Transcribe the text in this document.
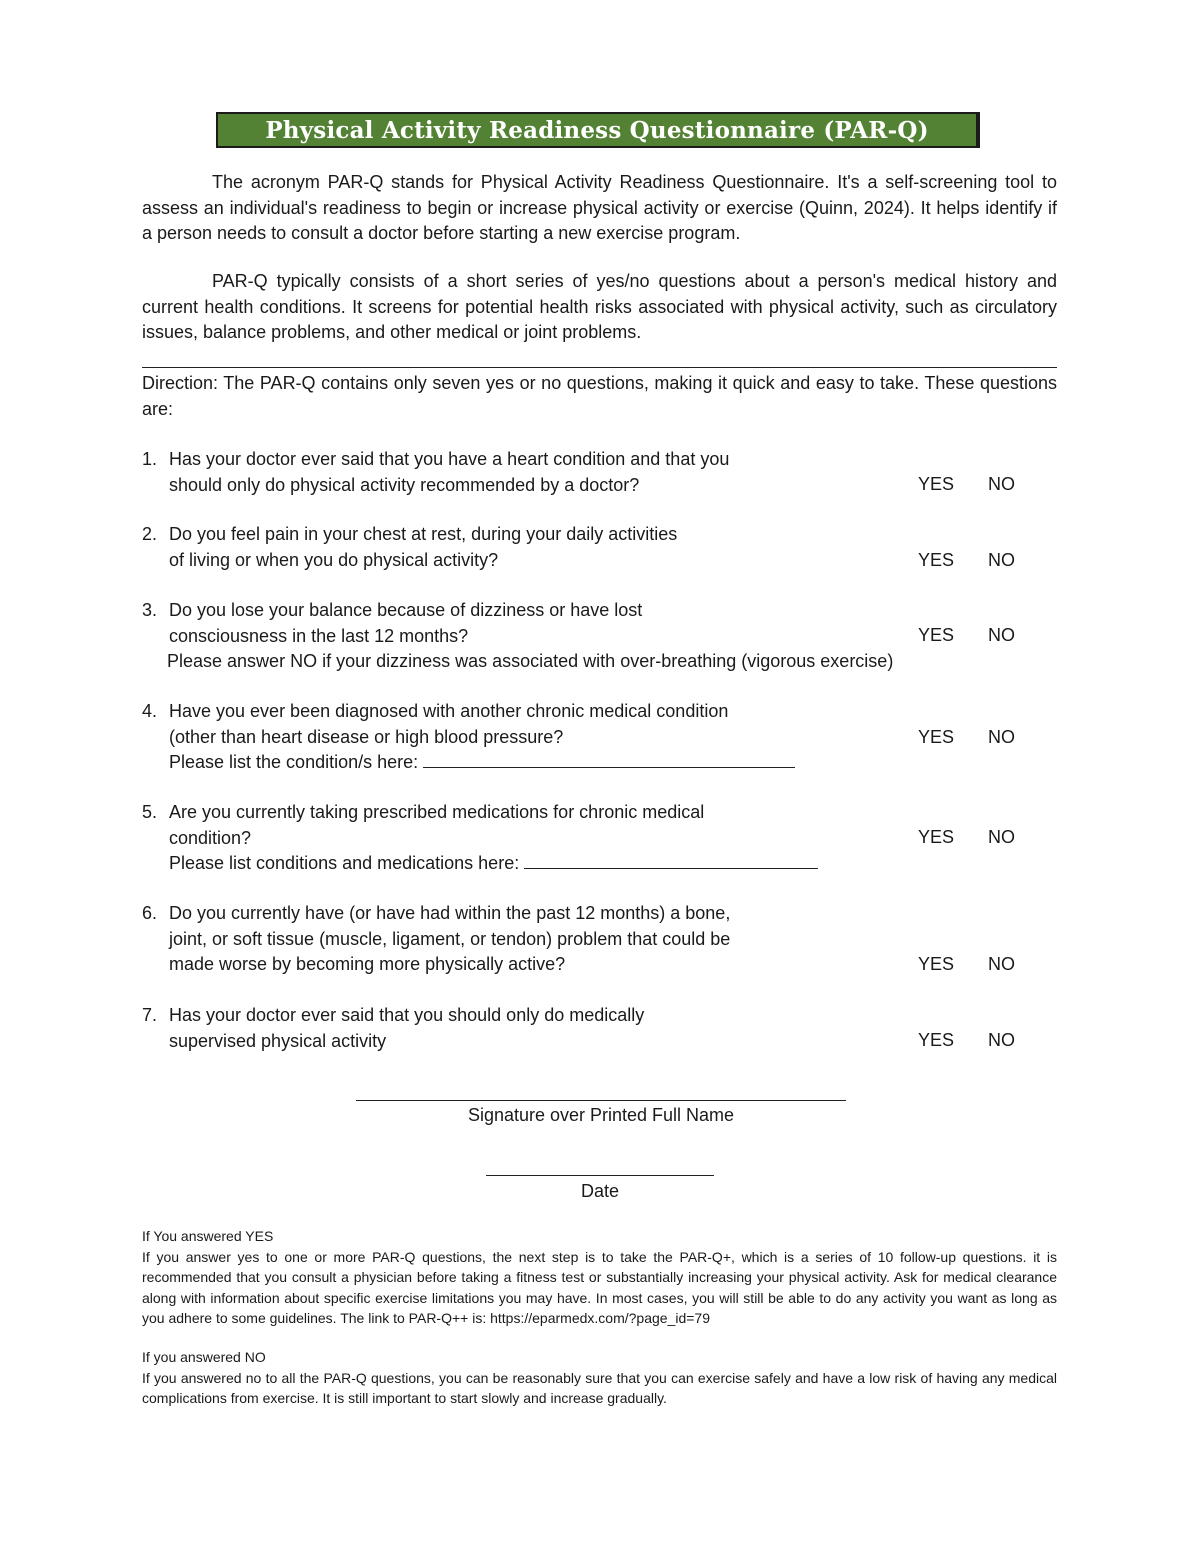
Physical Activity Readiness Questionnaire (PAR-Q)

The acronym PAR-Q stands for Physical Activity Readiness Questionnaire. It's a self-screening tool to assess an individual's readiness to begin or increase physical activity or exercise (Quinn, 2024). It helps identify if a person needs to consult a doctor before starting a new exercise program.

PAR-Q typically consists of a short series of yes/no questions about a person's medical history and current health conditions. It screens for potential health risks associated with physical activity, such as circulatory issues, balance problems, and other medical or joint problems.

Direction: The PAR-Q contains only seven yes or no questions, making it quick and easy to take. These questions are:

1. Has your doctor ever said that you have a heart condition and that you
should only do physical activity recommended by a doctor?	YES NO
2. Do you feel pain in your chest at rest, during your daily activities
of living or when you do physical activity?	YES NO
3. Do you lose your balance because of dizziness or have lost
consciousness in the last 12 months?
Please answer NO if your dizziness was associated with over-breathing (vigorous exercise)
YES NO
4. Have you ever been diagnosed with another chronic medical condition
(other than heart disease or high blood pressure?
Please list the condition/s here:
YES NO
5. Are you currently taking prescribed medications for chronic medical
condition?
Please list conditions and medications here:
YES NO
6. Do you currently have (or have had within the past 12 months) a bone,
joint, or soft tissue (muscle, ligament, or tendon) problem that could be
made worse by becoming more physically active?	YES NO
7. Has your doctor ever said that you should only do medically
supervised physical activity	YES NO
Signature over Printed Full Name
Date

If You answered YES
If you answer yes to one or more PAR-Q questions, the next step is to take the PAR-Q+, which is a series of 10 follow-up questions. it is recommended that you consult a physician before taking a fitness test or substantially increasing your physical activity. Ask for medical clearance along with information about specific exercise limitations you may have. In most cases, you will still be able to do any activity you want as long as you adhere to some guidelines. The link to PAR-Q++ is: https://eparmedx.com/?page_id=79

If you answered NO
If you answered no to all the PAR-Q questions, you can be reasonably sure that you can exercise safely and have a low risk of having any medical complications from exercise. It is still important to start slowly and increase gradually.
